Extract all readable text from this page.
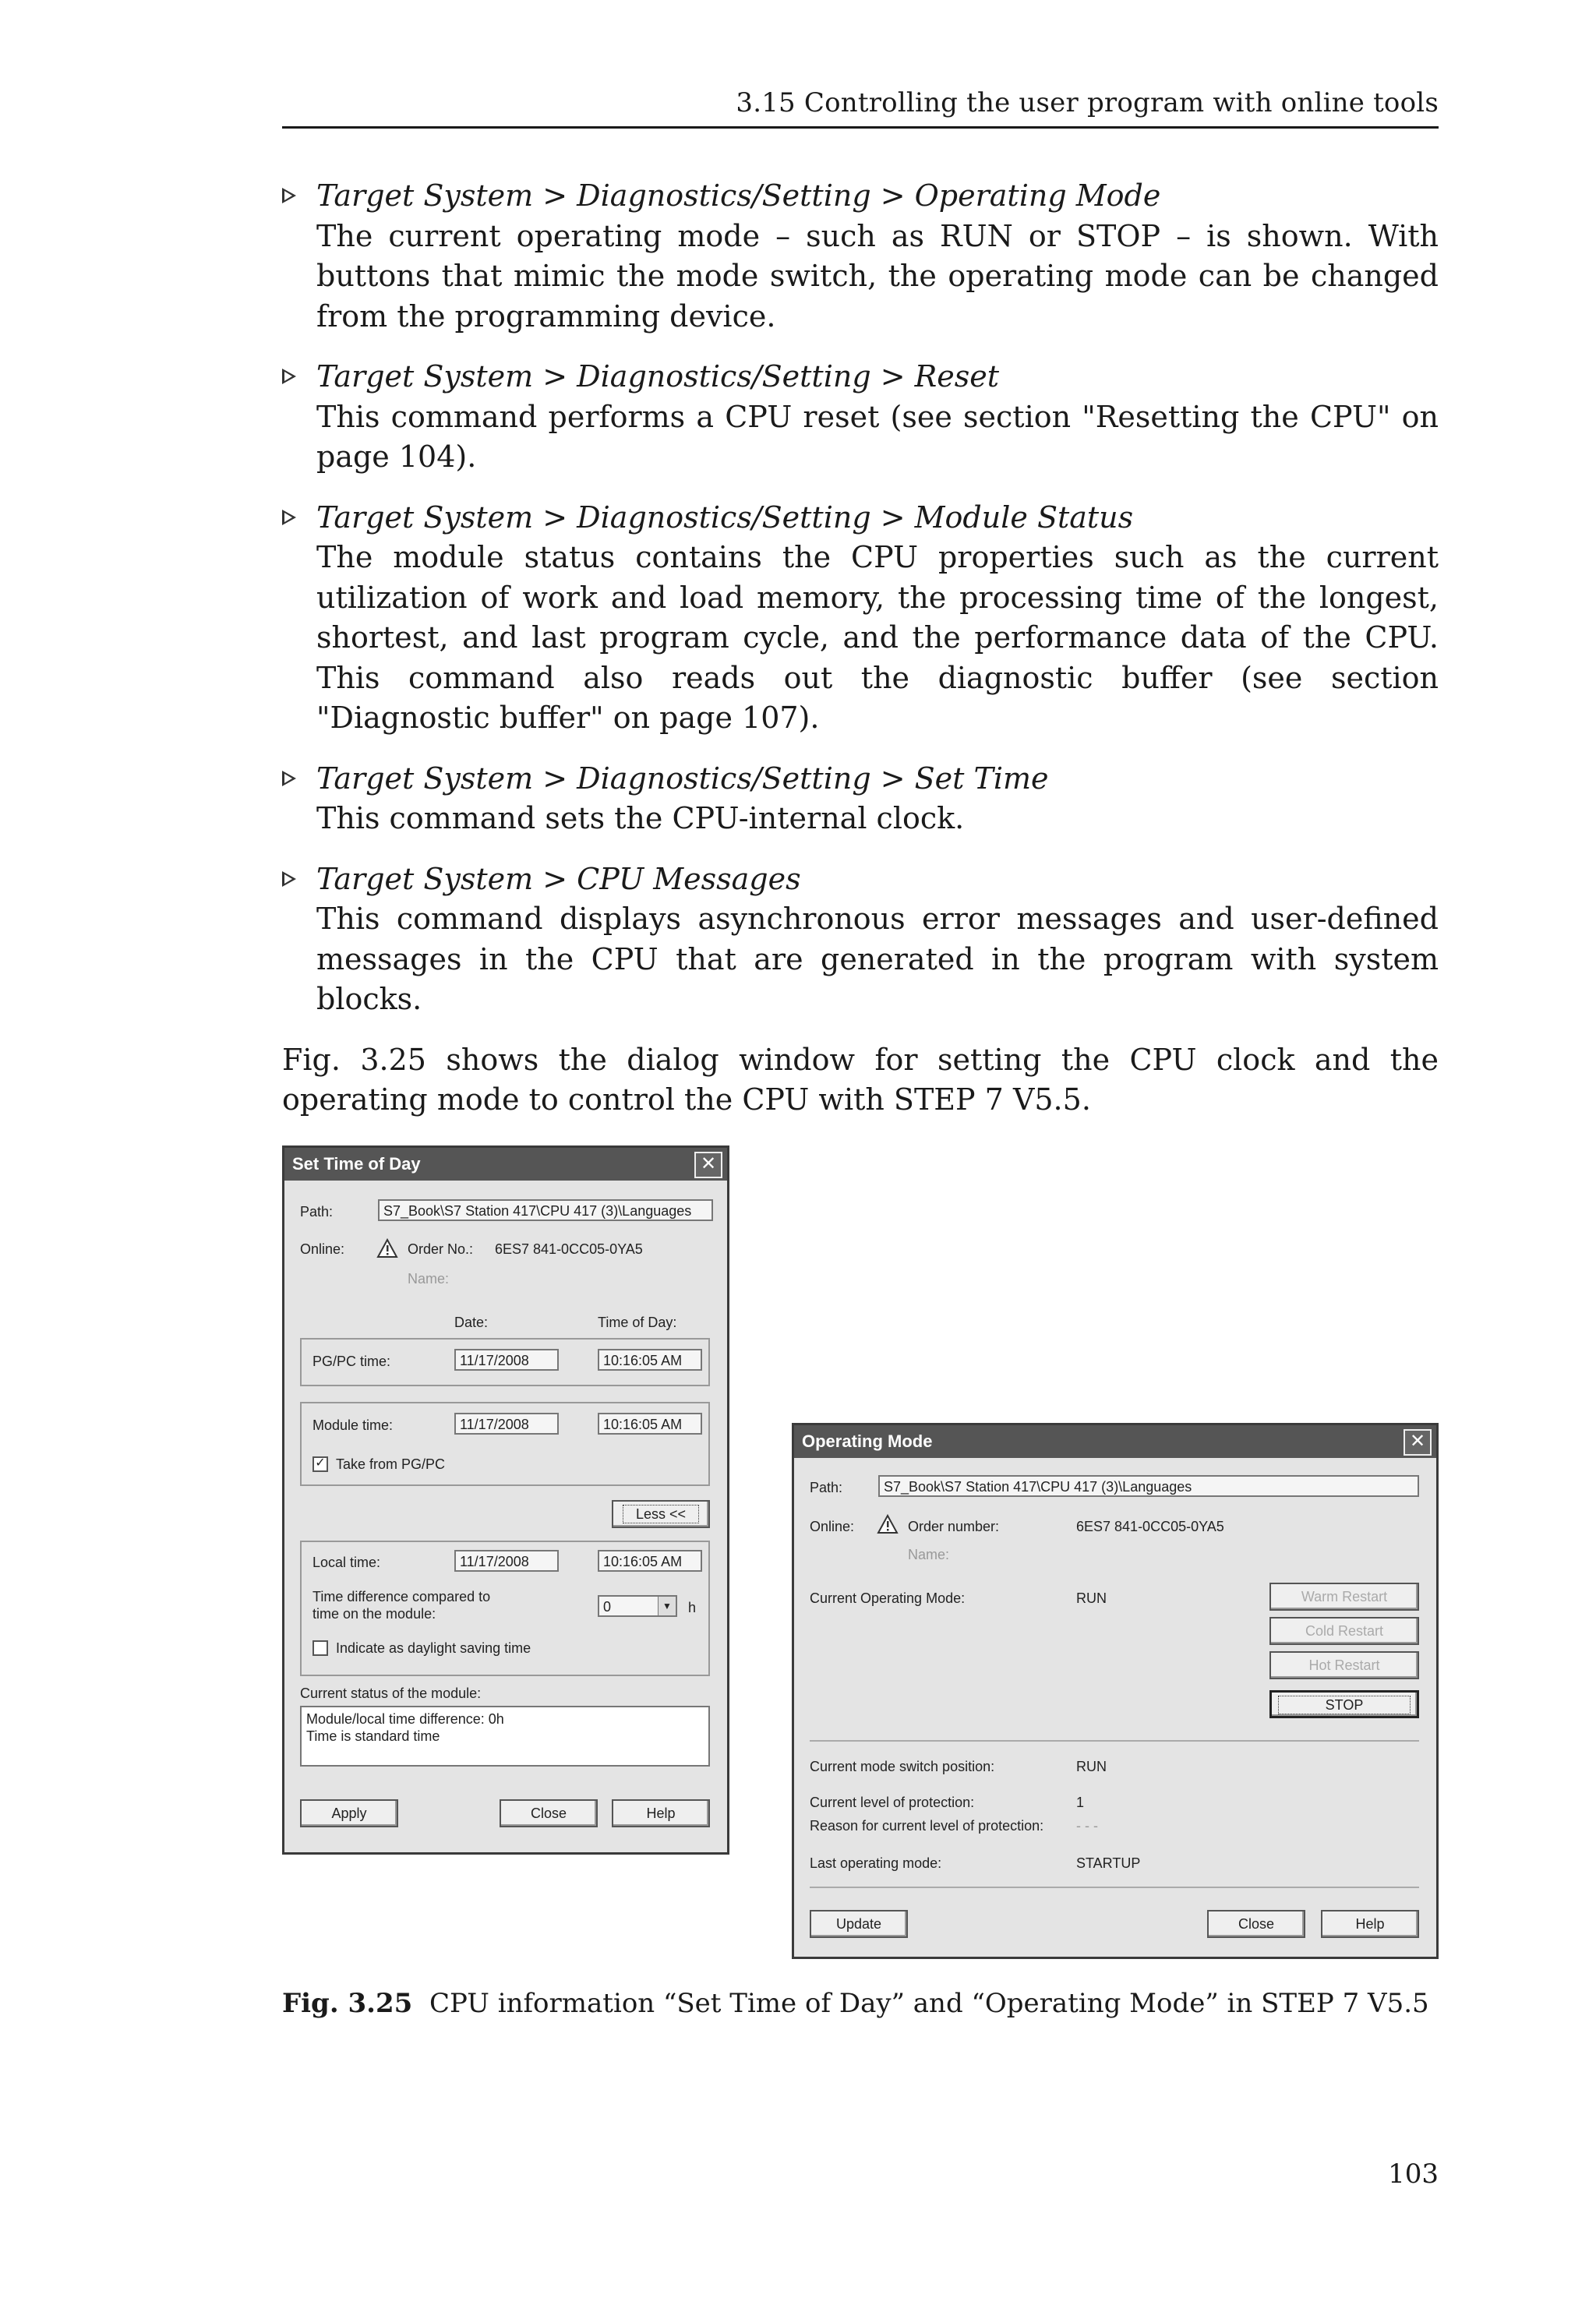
3.15 Controlling the user program with online tools
Target System > Diagnostics/Setting > Operating Mode
The current operating mode – such as RUN or STOP – is shown. With buttons that mimic the mode switch, the operating mode can be changed from the programming device.
Target System > Diagnostics/Setting > Reset
This command performs a CPU reset (see section "Resetting the CPU" on page 104).
Target System > Diagnostics/Setting > Module Status
The module status contains the CPU properties such as the current utilization of work and load memory, the processing time of the longest, shortest, and last program cycle, and the performance data of the CPU. This command also reads out the diagnostic buffer (see section "Diagnostic buffer" on page 107).
Target System > Diagnostics/Setting > Set Time
This command sets the CPU-internal clock.
Target System > CPU Messages
This command displays asynchronous error messages and user-defined messages in the CPU that are generated in the program with system blocks.
Fig. 3.25 shows the dialog window for setting the CPU clock and the operating mode to control the CPU with STEP 7 V5.5.
Set Time of Day	✕
Path:	S7_Book\S7 Station 417\CPU 417 (3)\Languages
Online:	Order No.: 6ES7 841-0CC05-0YA5
Name:
Date:	Time of Day:
PG/PC time:	11/17/2008	10:16:05 AM
Module time:	11/17/2008	10:16:05 AM
✓ Take from PG/PC
Less <<
Local time:	11/17/2008	10:16:05 AM
Time difference compared to
time on the module:	0	▼ h
Indicate as daylight saving time
Current status of the module:
Module/local time difference: 0h
Time is standard time
Apply	Close	Help
Operating Mode	✕
Path:	S7_Book\S7 Station 417\CPU 417 (3)\Languages
Online:	Order number:	6ES7 841-0CC05-0YA5
Name:
Current Operating Mode:	RUN	Warm Restart
Cold Restart
Hot Restart
STOP
Current mode switch position:	RUN
Current level of protection:	1
Reason for current level of protection: - - -
Last operating mode:	STARTUP
Update	Close	Help
Fig. 3.25 CPU information “Set Time of Day” and “Operating Mode” in STEP 7 V5.5
103
